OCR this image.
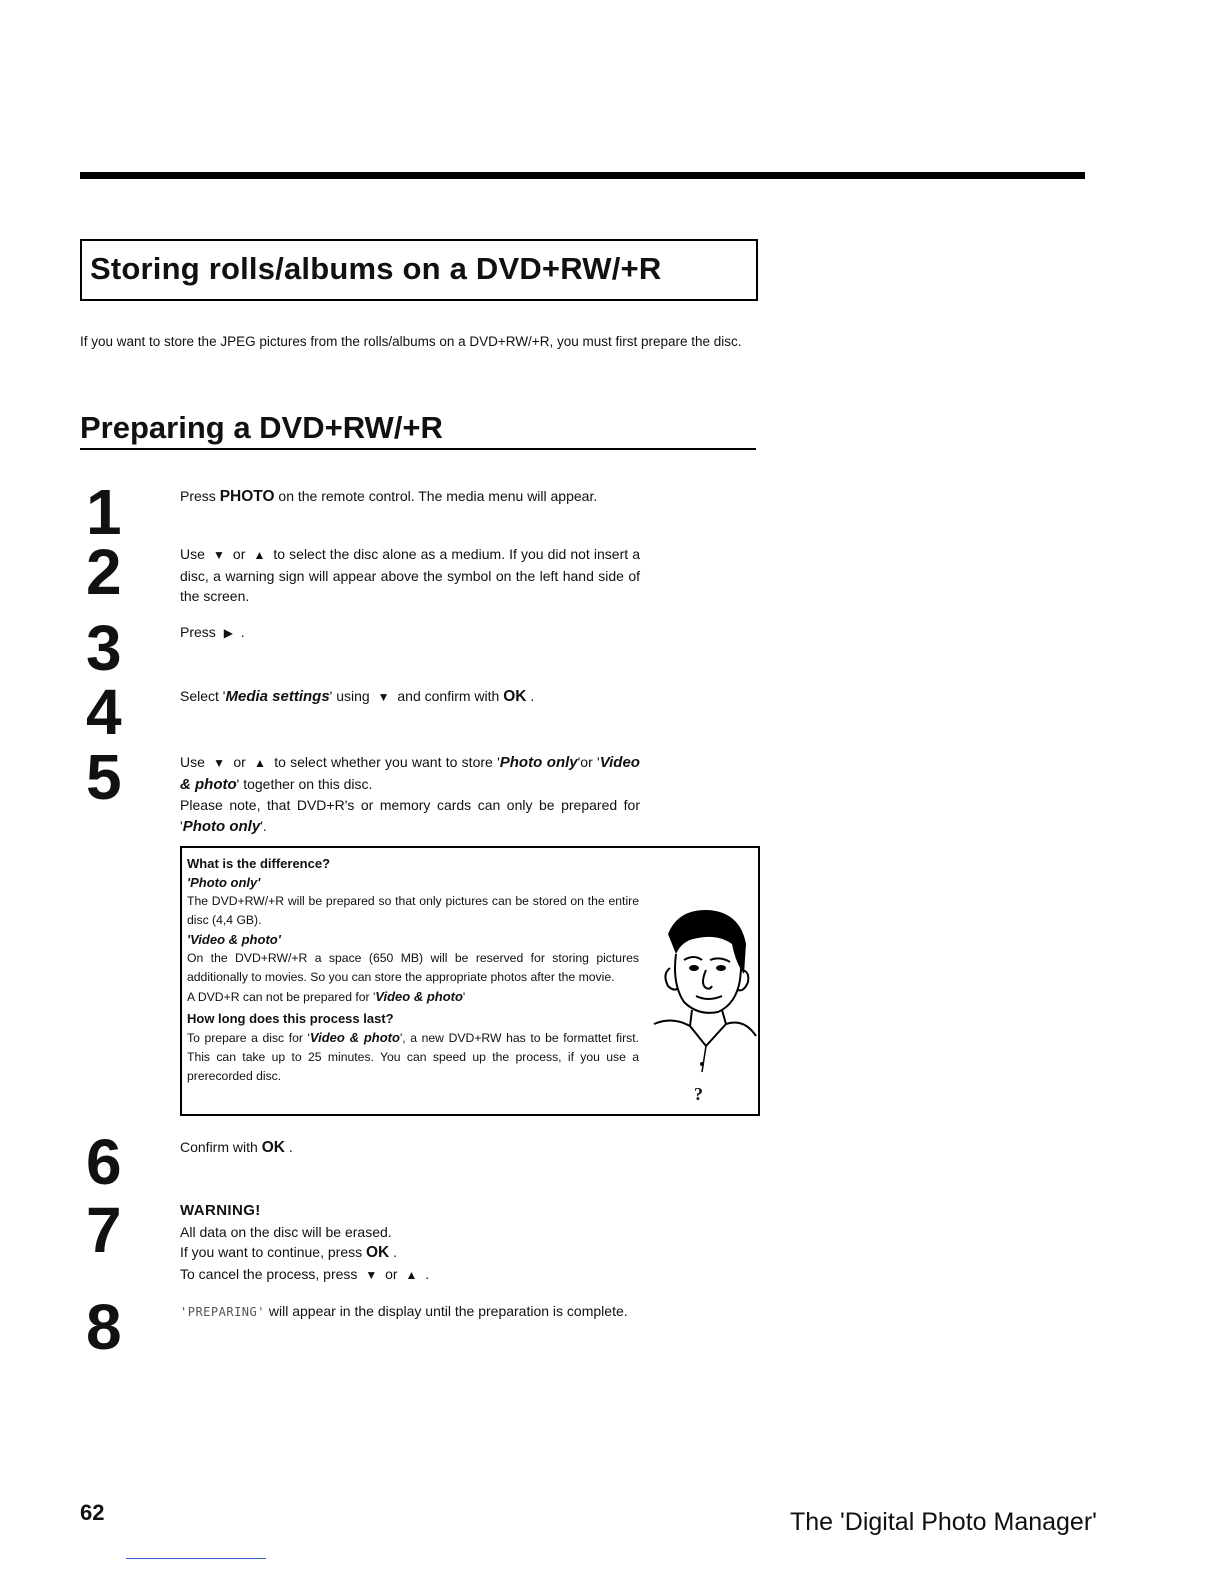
Storing rolls/albums on a DVD+RW/+R
If you want to store the JPEG pictures from the rolls/albums on a DVD+RW/+R, you must first prepare the disc.
Preparing a DVD+RW/+R
1
2
3
4
5
6
7
8
Press PHOTO on the remote control. The media menu will appear.
Use ▼ or ▲ to select the disc alone as a medium. If you did not insert a disc, a warning sign will appear above the symbol on the left hand side of the screen.
Press ▶ .
Select 'Media settings' using ▼ and confirm with OK .
Use ▼ or ▲ to select whether you want to store 'Photo only'or 'Video & photo' together on this disc.
Please note, that DVD+R's or memory cards can only be prepared for 'Photo only'.
What is the difference?
'Photo only'
The DVD+RW/+R will be prepared so that only pictures can be stored on the entire disc (4,4 GB).
'Video & photo'
On the DVD+RW/+R a space (650 MB) will be reserved for storing pictures additionally to movies. So you can store the appropriate photos after the movie.
A DVD+R can not be prepared for 'Video & photo'
How long does this process last?
To prepare a disc for 'Video & photo', a new DVD+RW has to be formattet first. This can take up to 25 minutes. You can speed up the process, if you use a prerecorded disc.
?
Confirm with OK .
WARNING!
All data on the disc will be erased.
If you want to continue, press OK .
To cancel the process, press ▼ or ▲ .
'PREPARING' will appear in the display until the preparation is complete.
62	The 'Digital Photo Manager'
